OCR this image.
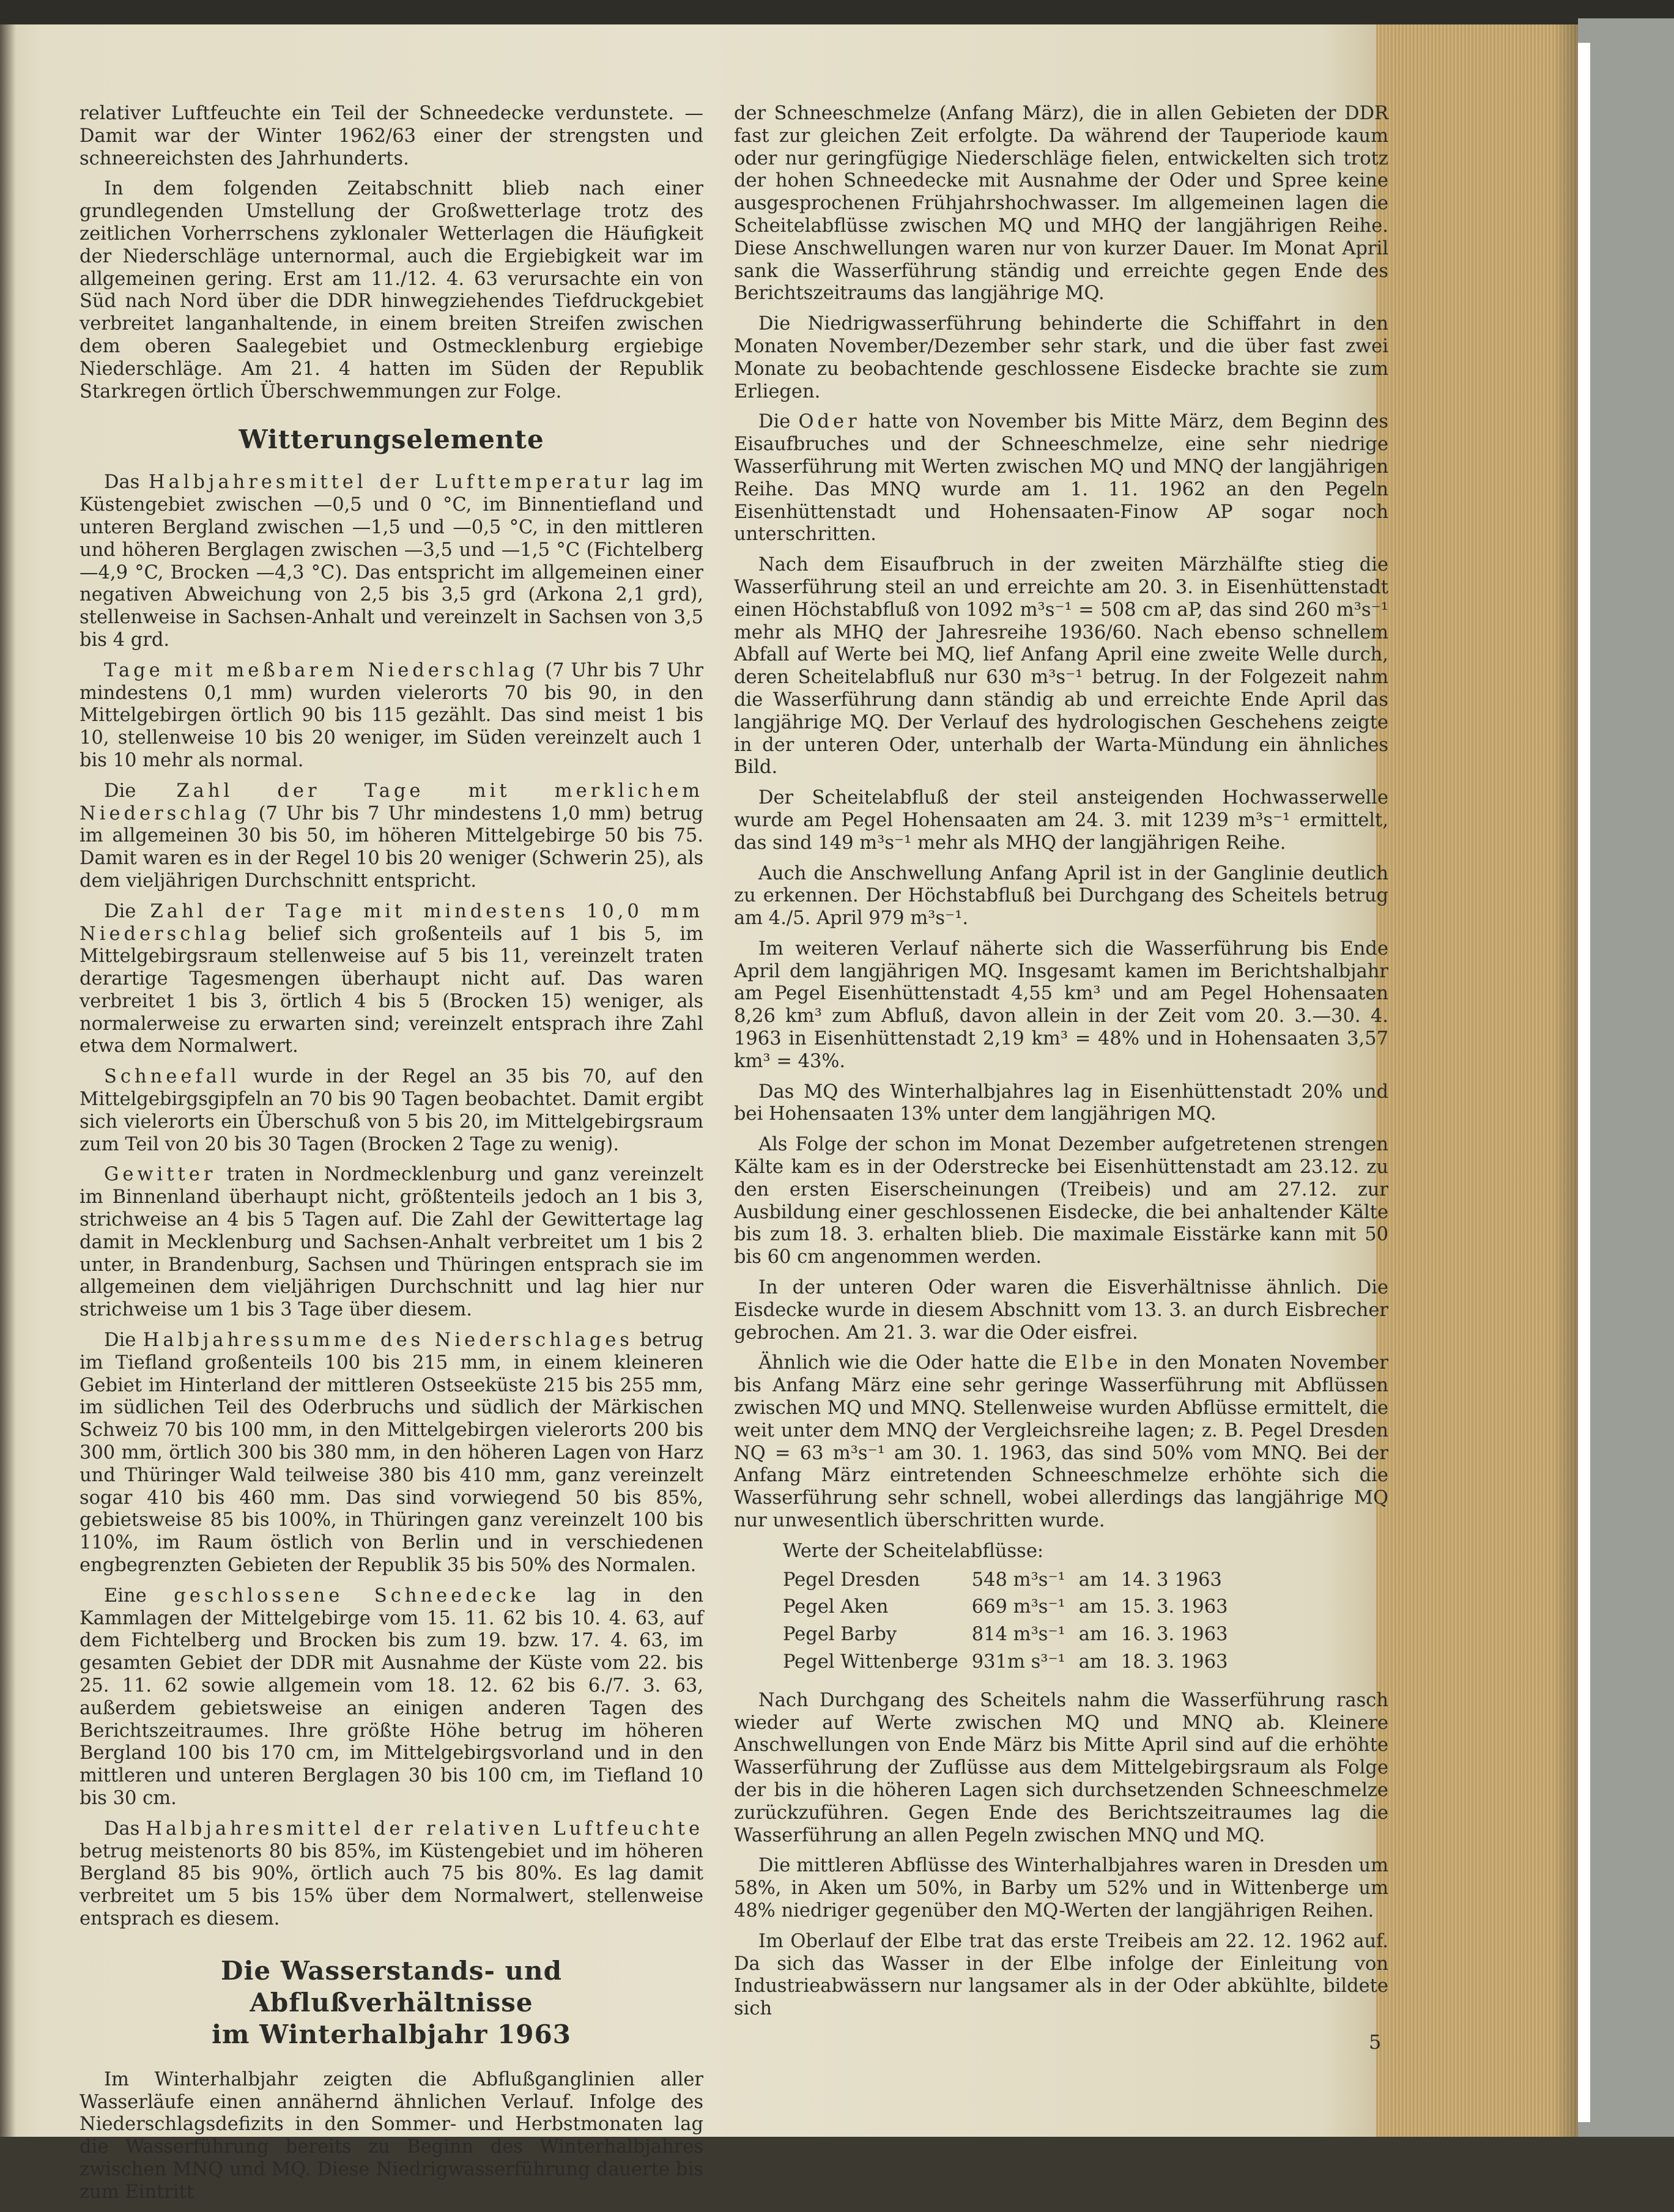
relativer Luftfeuchte ein Teil der Schneedecke verdunstete. — Damit war der Winter 1962/63 einer der strengsten und schneereichsten des Jahrhunderts.

In dem folgenden Zeitabschnitt blieb nach einer grundlegenden Umstellung der Großwetterlage trotz des zeitlichen Vorherrschens zyklonaler Wetterlagen die Häufigkeit der Niederschläge unternormal, auch die Ergiebigkeit war im allgemeinen gering. Erst am 11./12. 4. 63 verursachte ein von Süd nach Nord über die DDR hinwegziehendes Tiefdruckgebiet verbreitet langanhaltende, in einem breiten Streifen zwischen dem oberen Saalegebiet und Ostmecklenburg ergiebige Niederschläge. Am 21. 4 hatten im Süden der Republik Starkregen örtlich Überschwemmungen zur Folge.

Witterungselemente

Das Halbjahresmittel der Lufttemperatur lag im Küstengebiet zwischen —0,5 und 0 °C, im Binnentiefland und unteren Bergland zwischen —1,5 und —0,5 °C, in den mittleren und höheren Berglagen zwischen —3,5 und —1,5 °C (Fichtelberg —4,9 °C, Brocken —4,3 °C). Das entspricht im allgemeinen einer negativen Abweichung von 2,5 bis 3,5 grd (Arkona 2,1 grd), stellenweise in Sachsen-Anhalt und vereinzelt in Sachsen von 3,5 bis 4 grd.

Tage mit meßbarem Niederschlag (7 Uhr bis 7 Uhr mindestens 0,1 mm) wurden vielerorts 70 bis 90, in den Mittelgebirgen örtlich 90 bis 115 gezählt. Das sind meist 1 bis 10, stellenweise 10 bis 20 weniger, im Süden vereinzelt auch 1 bis 10 mehr als normal.

Die Zahl der Tage mit merklichem Niederschlag (7 Uhr bis 7 Uhr mindestens 1,0 mm) betrug im allgemeinen 30 bis 50, im höheren Mittelgebirge 50 bis 75. Damit waren es in der Regel 10 bis 20 weniger (Schwerin 25), als dem vieljährigen Durchschnitt entspricht.

Die Zahl der Tage mit mindestens 10,0 mm Niederschlag belief sich großenteils auf 1 bis 5, im Mittelgebirgsraum stellenweise auf 5 bis 11, vereinzelt traten derartige Tagesmengen überhaupt nicht auf. Das waren verbreitet 1 bis 3, örtlich 4 bis 5 (Brocken 15) weniger, als normalerweise zu erwarten sind; vereinzelt entsprach ihre Zahl etwa dem Normalwert.

Schneefall wurde in der Regel an 35 bis 70, auf den Mittelgebirgsgipfeln an 70 bis 90 Tagen beobachtet. Damit ergibt sich vielerorts ein Überschuß von 5 bis 20, im Mittelgebirgsraum zum Teil von 20 bis 30 Tagen (Brocken 2 Tage zu wenig).

Gewitter traten in Nordmecklenburg und ganz vereinzelt im Binnenland überhaupt nicht, größtenteils jedoch an 1 bis 3, strichweise an 4 bis 5 Tagen auf. Die Zahl der Gewittertage lag damit in Mecklenburg und Sachsen-Anhalt verbreitet um 1 bis 2 unter, in Brandenburg, Sachsen und Thüringen entsprach sie im allgemeinen dem vieljährigen Durchschnitt und lag hier nur strichweise um 1 bis 3 Tage über diesem.

Die Halbjahressumme des Niederschlages betrug im Tiefland großenteils 100 bis 215 mm, in einem kleineren Gebiet im Hinterland der mittleren Ostseeküste 215 bis 255 mm, im südlichen Teil des Oderbruchs und südlich der Märkischen Schweiz 70 bis 100 mm, in den Mittelgebirgen vielerorts 200 bis 300 mm, örtlich 300 bis 380 mm, in den höheren Lagen von Harz und Thüringer Wald teilweise 380 bis 410 mm, ganz vereinzelt sogar 410 bis 460 mm. Das sind vorwiegend 50 bis 85%, gebietsweise 85 bis 100%, in Thüringen ganz vereinzelt 100 bis 110%, im Raum östlich von Berlin und in verschiedenen engbegrenzten Gebieten der Republik 35 bis 50% des Normalen.

Eine geschlossene Schneedecke lag in den Kammlagen der Mittelgebirge vom 15. 11. 62 bis 10. 4. 63, auf dem Fichtelberg und Brocken bis zum 19. bzw. 17. 4. 63, im gesamten Gebiet der DDR mit Ausnahme der Küste vom 22. bis 25. 11. 62 sowie allgemein vom 18. 12. 62 bis 6./7. 3. 63, außerdem gebietsweise an einigen anderen Tagen des Berichtszeitraumes. Ihre größte Höhe betrug im höheren Bergland 100 bis 170 cm, im Mittelgebirgsvorland und in den mittleren und unteren Berglagen 30 bis 100 cm, im Tiefland 10 bis 30 cm.

Das Halbjahresmittel der relativen Luftfeuchte betrug meistenorts 80 bis 85%, im Küstengebiet und im höheren Bergland 85 bis 90%, örtlich auch 75 bis 80%. Es lag damit verbreitet um 5 bis 15% über dem Normalwert, stellenweise entsprach es diesem.

Die Wasserstands- und Abflußverhältnisse
im Winterhalbjahr 1963

Im Winterhalbjahr zeigten die Abflußganglinien aller Wasserläufe einen annähernd ähnlichen Verlauf. Infolge des Niederschlagsdefizits in den Sommer- und Herbstmonaten lag die Wasserführung bereits zu Beginn des Winterhalbjahres zwischen MNQ und MQ. Diese Niedrigwasserführung dauerte bis zum Eintritt

der Schneeschmelze (Anfang März), die in allen Gebieten der DDR fast zur gleichen Zeit erfolgte. Da während der Tauperiode kaum oder nur geringfügige Niederschläge fielen, entwickelten sich trotz der hohen Schneedecke mit Ausnahme der Oder und Spree keine ausgesprochenen Frühjahrshochwasser. Im allgemeinen lagen die Scheitelabflüsse zwischen MQ und MHQ der langjährigen Reihe. Diese Anschwellungen waren nur von kurzer Dauer. Im Monat April sank die Wasserführung ständig und erreichte gegen Ende des Berichtszeitraums das langjährige MQ.

Die Niedrigwasserführung behinderte die Schiffahrt in den Monaten November/Dezember sehr stark, und die über fast zwei Monate zu beobachtende geschlossene Eisdecke brachte sie zum Erliegen.

Die Oder hatte von November bis Mitte März, dem Beginn des Eisaufbruches und der Schneeschmelze, eine sehr niedrige Wasserführung mit Werten zwischen MQ und MNQ der langjährigen Reihe. Das MNQ wurde am 1. 11. 1962 an den Pegeln Eisenhüttenstadt und Hohensaaten-Finow AP sogar noch unterschritten.

Nach dem Eisaufbruch in der zweiten Märzhälfte stieg die Wasserführung steil an und erreichte am 20. 3. in Eisenhüttenstadt einen Höchstabfluß von 1092 m³s⁻¹ = 508 cm aP, das sind 260 m³s⁻¹ mehr als MHQ der Jahresreihe 1936/60. Nach ebenso schnellem Abfall auf Werte bei MQ, lief Anfang April eine zweite Welle durch, deren Scheitelabfluß nur 630 m³s⁻¹ betrug. In der Folgezeit nahm die Wasserführung dann ständig ab und erreichte Ende April das langjährige MQ. Der Verlauf des hydrologischen Geschehens zeigte in der unteren Oder, unterhalb der Warta-Mündung ein ähnliches Bild.

Der Scheitelabfluß der steil ansteigenden Hochwasserwelle wurde am Pegel Hohensaaten am 24. 3. mit 1239 m³s⁻¹ ermittelt, das sind 149 m³s⁻¹ mehr als MHQ der langjährigen Reihe.

Auch die Anschwellung Anfang April ist in der Ganglinie deutlich zu erkennen. Der Höchstabfluß bei Durchgang des Scheitels betrug am 4./5. April 979 m³s⁻¹.

Im weiteren Verlauf näherte sich die Wasserführung bis Ende April dem langjährigen MQ. Insgesamt kamen im Berichtshalbjahr am Pegel Eisenhüttenstadt 4,55 km³ und am Pegel Hohensaaten 8,26 km³ zum Abfluß, davon allein in der Zeit vom 20. 3.—30. 4. 1963 in Eisenhüttenstadt 2,19 km³ = 48% und in Hohensaaten 3,57 km³ = 43%.

Das MQ des Winterhalbjahres lag in Eisenhüttenstadt 20% und bei Hohensaaten 13% unter dem langjährigen MQ.

Als Folge der schon im Monat Dezember aufgetretenen strengen Kälte kam es in der Oderstrecke bei Eisenhüttenstadt am 23.12. zu den ersten Eiserscheinungen (Treibeis) und am 27.12. zur Ausbildung einer geschlossenen Eisdecke, die bei anhaltender Kälte bis zum 18. 3. erhalten blieb. Die maximale Eisstärke kann mit 50 bis 60 cm angenommen werden.

In der unteren Oder waren die Eisverhältnisse ähnlich. Die Eisdecke wurde in diesem Abschnitt vom 13. 3. an durch Eisbrecher gebrochen. Am 21. 3. war die Oder eisfrei.

Ähnlich wie die Oder hatte die Elbe in den Monaten November bis Anfang März eine sehr geringe Wasserführung mit Abflüssen zwischen MQ und MNQ. Stellenweise wurden Abflüsse ermittelt, die weit unter dem MNQ der Vergleichsreihe lagen; z. B. Pegel Dresden NQ = 63 m³s⁻¹ am 30. 1. 1963, das sind 50% vom MNQ. Bei der Anfang März eintretenden Schneeschmelze erhöhte sich die Wasserführung sehr schnell, wobei allerdings das langjährige MQ nur unwesentlich überschritten wurde.

Werte der Scheitelabflüsse:
Pegel Dresden	548 m³s⁻¹	am	14. 3 1963
Pegel Aken	669 m³s⁻¹	am	15. 3. 1963
Pegel Barby	814 m³s⁻¹	am	16. 3. 1963
Pegel Wittenberge	931m s³⁻¹	am	18. 3. 1963

Nach Durchgang des Scheitels nahm die Wasserführung rasch wieder auf Werte zwischen MQ und MNQ ab. Kleinere Anschwellungen von Ende März bis Mitte April sind auf die erhöhte Wasserführung der Zuflüsse aus dem Mittelgebirgsraum als Folge der bis in die höheren Lagen sich durchsetzenden Schneeschmelze zurückzuführen. Gegen Ende des Berichtszeitraumes lag die Wasserführung an allen Pegeln zwischen MNQ und MQ.

Die mittleren Abflüsse des Winterhalbjahres waren in Dresden um 58%, in Aken um 50%, in Barby um 52% und in Wittenberge um 48% niedriger gegenüber den MQ-Werten der langjährigen Reihen.

Im Oberlauf der Elbe trat das erste Treibeis am 22. 12. 1962 auf. Da sich das Wasser in der Elbe infolge der Einleitung von Industrieabwässern nur langsamer als in der Oder abkühlte, bildete sich

5
